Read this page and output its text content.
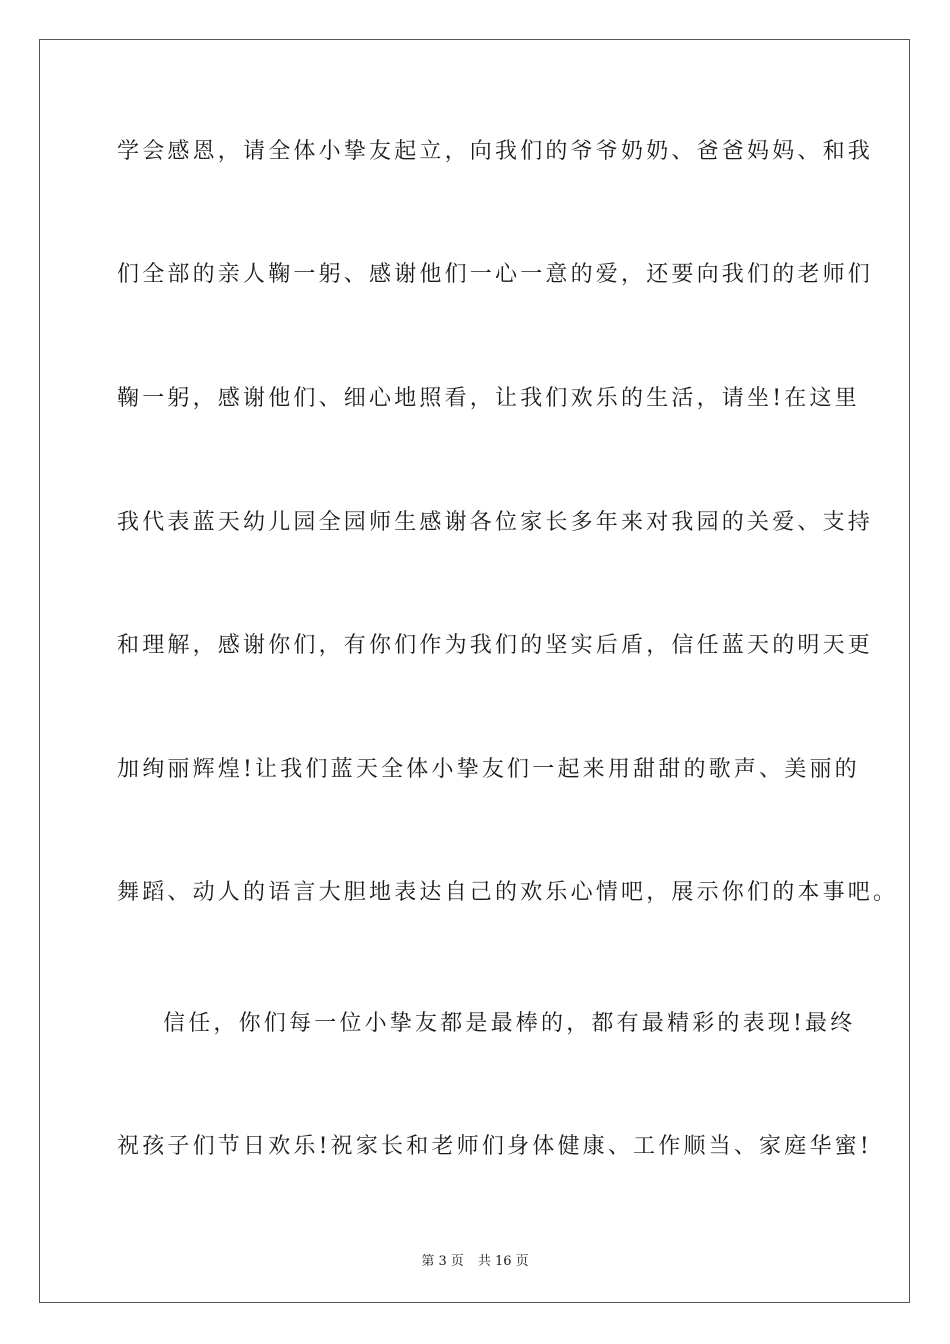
学会感恩，请全体小挚友起立，向我们的爷爷奶奶、爸爸妈妈、和我
们全部的亲人鞠一躬、感谢他们一心一意的爱，还要向我们的老师们
鞠一躬，感谢他们、细心地照看，让我们欢乐的生活，请坐!在这里
我代表蓝天幼儿园全园师生感谢各位家长多年来对我园的关爱、支持
和理解，感谢你们，有你们作为我们的坚实后盾，信任蓝天的明天更
加绚丽辉煌!让我们蓝天全体小挚友们一起来用甜甜的歌声、美丽的
舞蹈、动人的语言大胆地表达自己的欢乐心情吧，展示你们的本事吧。
信任，你们每一位小挚友都是最棒的，都有最精彩的表现!最终
祝孩子们节日欢乐!祝家长和老师们身体健康、工作顺当、家庭华蜜!
第 3 页 共 16 页
